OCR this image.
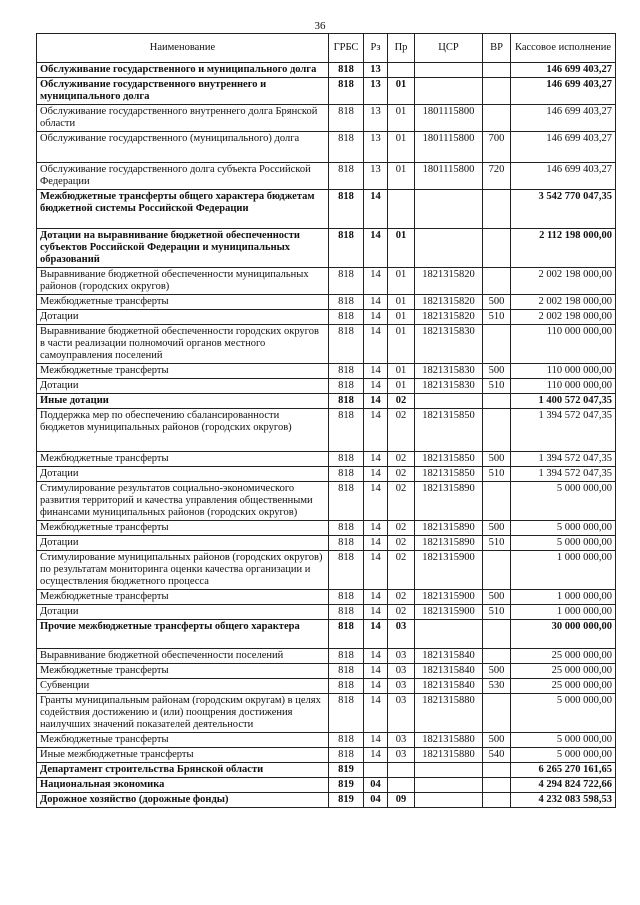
36
Наименование	ГРБС	Рз	Пр	ЦСР	ВР	Кассовое исполнение
Обслуживание государственного и муниципального долга	818	13				146 699 403,27
Обслуживание государственного внутреннего и муниципального долга	818	13	01			146 699 403,27
Обслуживание государственного внутреннего долга Брянской области	818	13	01	1801115800		146 699 403,27
Обслуживание государственного (муниципального) долга	818	13	01	1801115800	700	146 699 403,27
Обслуживание государственного долга субъекта Российской Федерации	818	13	01	1801115800	720	146 699 403,27
Межбюджетные трансферты общего характера бюджетам бюджетной системы Российской Федерации	818	14				3 542 770 047,35
Дотации на выравнивание бюджетной обеспеченности субъектов Российской Федерации и муниципальных образований	818	14	01			2 112 198 000,00
Выравнивание бюджетной обеспеченности муниципальных районов (городских округов)	818	14	01	1821315820		2 002 198 000,00
Межбюджетные трансферты	818	14	01	1821315820	500	2 002 198 000,00
Дотации	818	14	01	1821315820	510	2 002 198 000,00
Выравнивание бюджетной обеспеченности городских округов в части реализации полномочий органов местного самоуправления поселений	818	14	01	1821315830		110 000 000,00
Межбюджетные трансферты	818	14	01	1821315830	500	110 000 000,00
Дотации	818	14	01	1821315830	510	110 000 000,00
Иные дотации	818	14	02			1 400 572 047,35
Поддержка мер по обеспечению сбалансированности бюджетов муниципальных районов (городских округов)	818	14	02	1821315850		1 394 572 047,35
Межбюджетные трансферты	818	14	02	1821315850	500	1 394 572 047,35
Дотации	818	14	02	1821315850	510	1 394 572 047,35
Стимулирование результатов социально-экономического развития территорий и качества управления общественными финансами муниципальных районов (городских округов)	818	14	02	1821315890		5 000 000,00
Межбюджетные трансферты	818	14	02	1821315890	500	5 000 000,00
Дотации	818	14	02	1821315890	510	5 000 000,00
Стимулирование муниципальных районов (городских округов) по результатам мониторинга оценки качества организации и осуществления бюджетного процесса	818	14	02	1821315900		1 000 000,00
Межбюджетные трансферты	818	14	02	1821315900	500	1 000 000,00
Дотации	818	14	02	1821315900	510	1 000 000,00
Прочие межбюджетные трансферты общего характера	818	14	03			30 000 000,00
Выравнивание бюджетной обеспеченности поселений	818	14	03	1821315840		25 000 000,00
Межбюджетные трансферты	818	14	03	1821315840	500	25 000 000,00
Субвенции	818	14	03	1821315840	530	25 000 000,00
Гранты муниципальным районам (городским округам) в целях содействия достижению и (или) поощрения достижения наилучших значений показателей деятельности	818	14	03	1821315880		5 000 000,00
Межбюджетные трансферты	818	14	03	1821315880	500	5 000 000,00
Иные межбюджетные трансферты	818	14	03	1821315880	540	5 000 000,00
Департамент строительства Брянской области	819					6 265 270 161,65
Национальная экономика	819	04				4 294 824 722,66
Дорожное хозяйство (дорожные фонды)	819	04	09			4 232 083 598,53
